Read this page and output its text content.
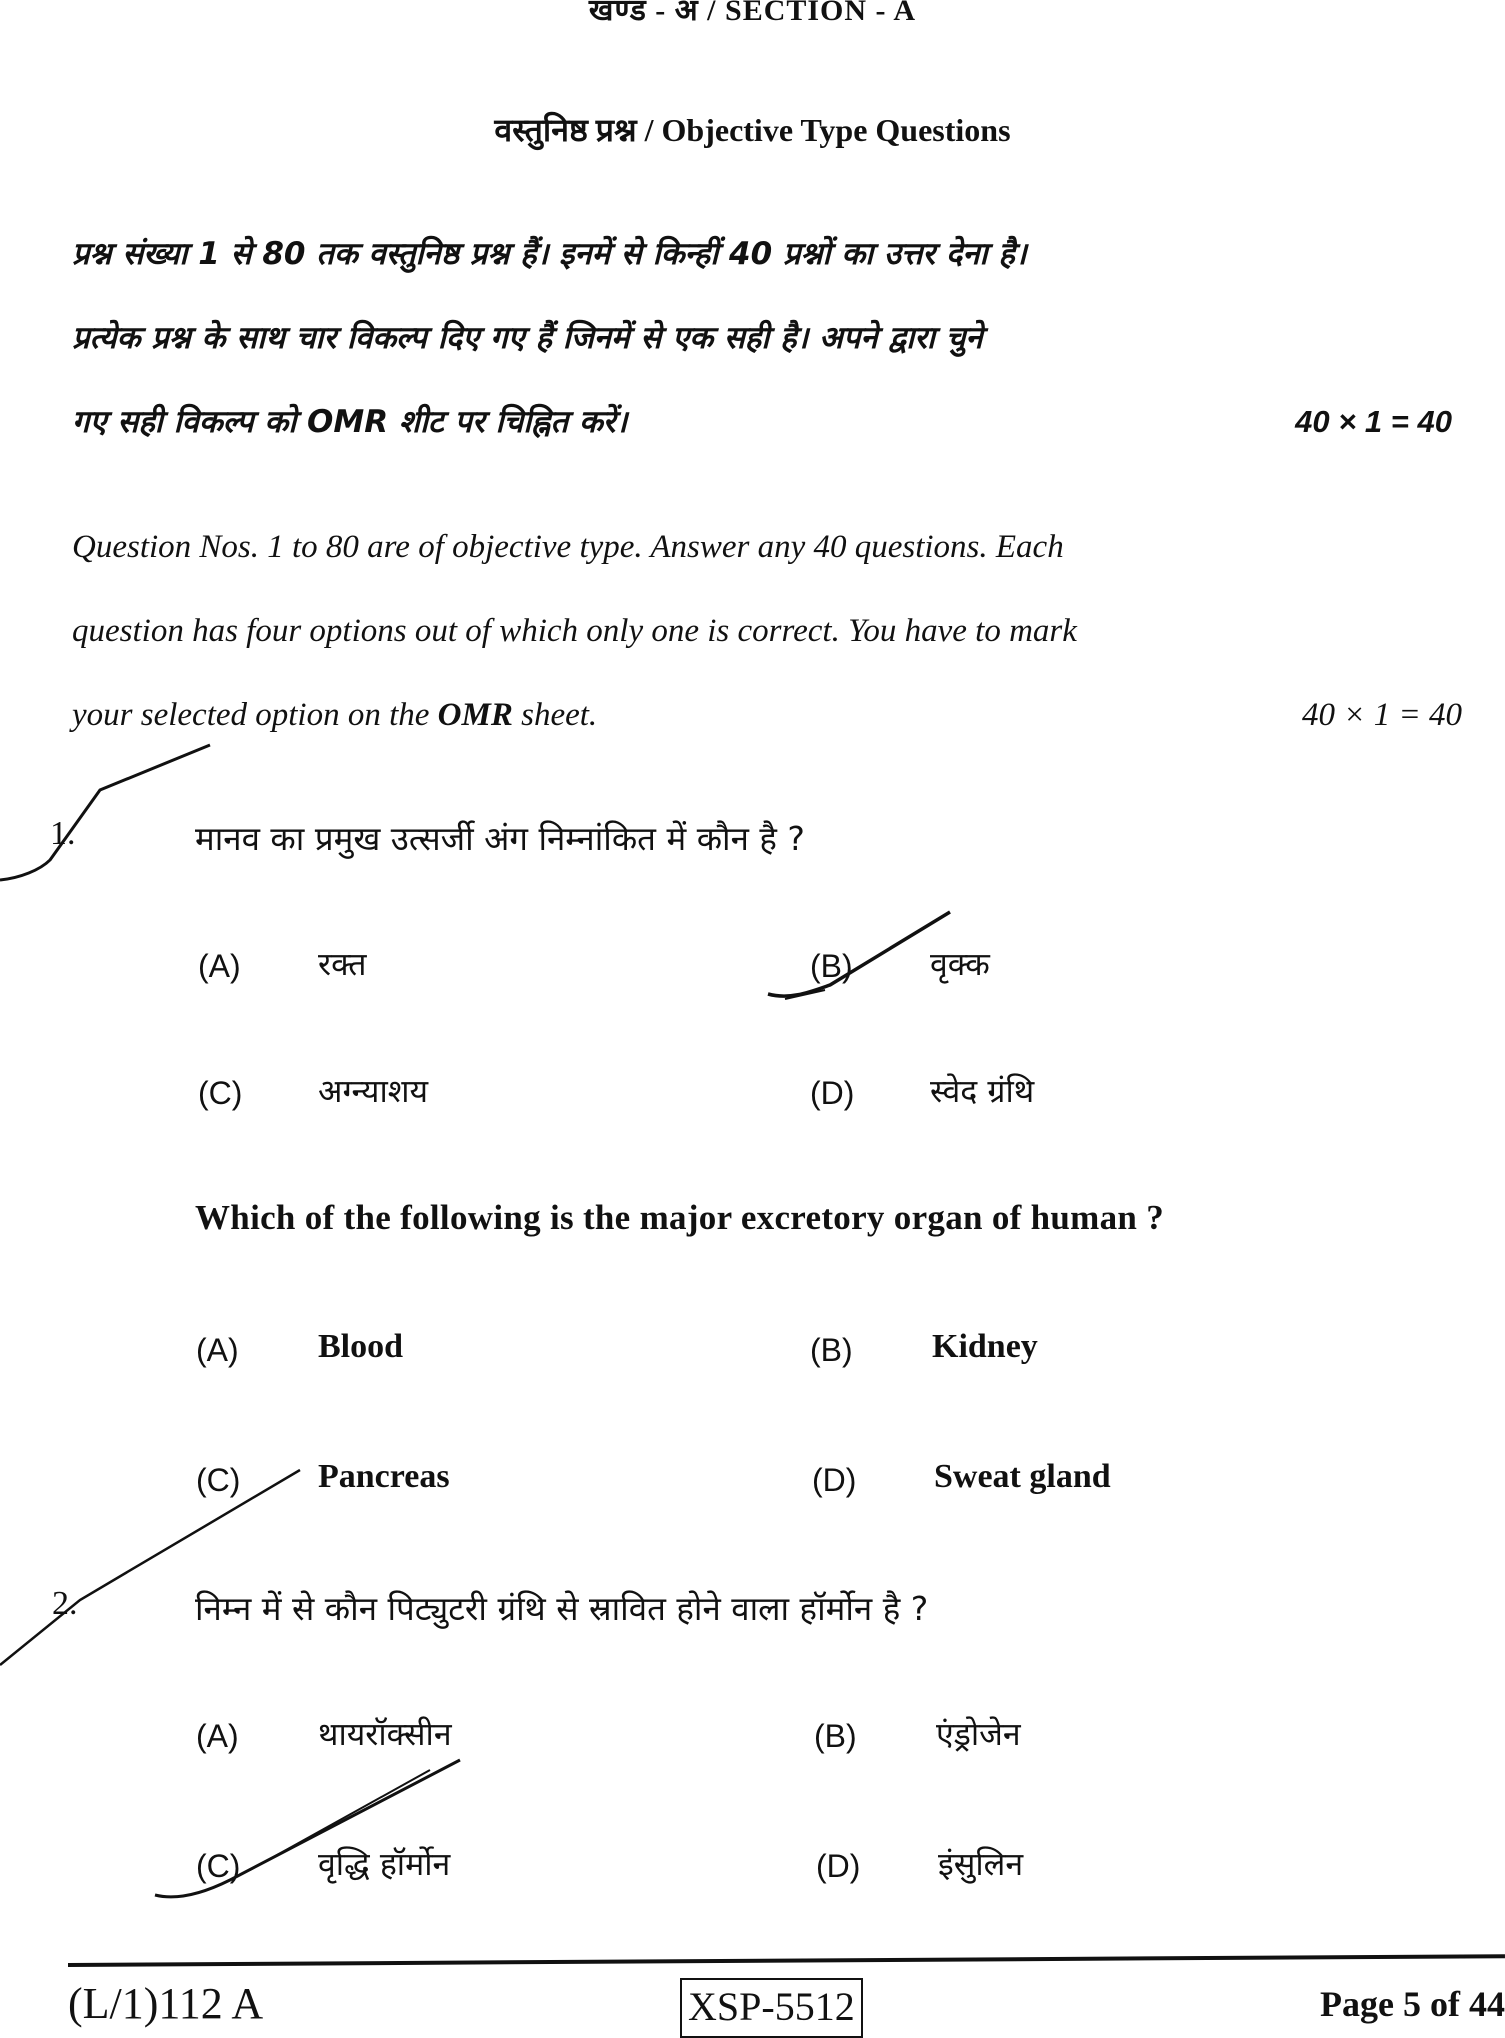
खण्ड - अ / SECTION - A
वस्तुनिष्ठ प्रश्न / Objective Type Questions
प्रश्न संख्या 1 से 80 तक वस्तुनिष्ठ प्रश्न हैं। इनमें से किन्हीं 40 प्रश्नों का उत्तर देना है।
प्रत्येक प्रश्न के साथ चार विकल्प दिए गए हैं जिनमें से एक सही है। अपने द्वारा चुने
गए सही विकल्प को OMR शीट पर चिह्नित करें।	40 × 1 = 40
Question Nos. 1 to 80 are of objective type. Answer any 40 questions. Each
question has four options out of which only one is correct. You have to mark
your selected option on the OMR sheet.	40 × 1 = 40
1.	मानव का प्रमुख उत्सर्जी अंग निम्नांकित में कौन है ?
(A) रक्त	(B) वृक्क
(C) अग्न्याशय	(D) स्वेद ग्रंथि
Which of the following is the major excretory organ of human ?
(A) Blood	(B) Kidney
(C) Pancreas	(D) Sweat gland
2.	निम्न में से कौन पिट्युटरी ग्रंथि से स्रावित होने वाला हॉर्मोन है ?
(A) थायरॉक्सीन	(B) एंड्रोजेन
(C) वृद्धि हॉर्मोन	(D) इंसुलिन
(L/1)112 A	XSP-5512	Page 5 of 44
